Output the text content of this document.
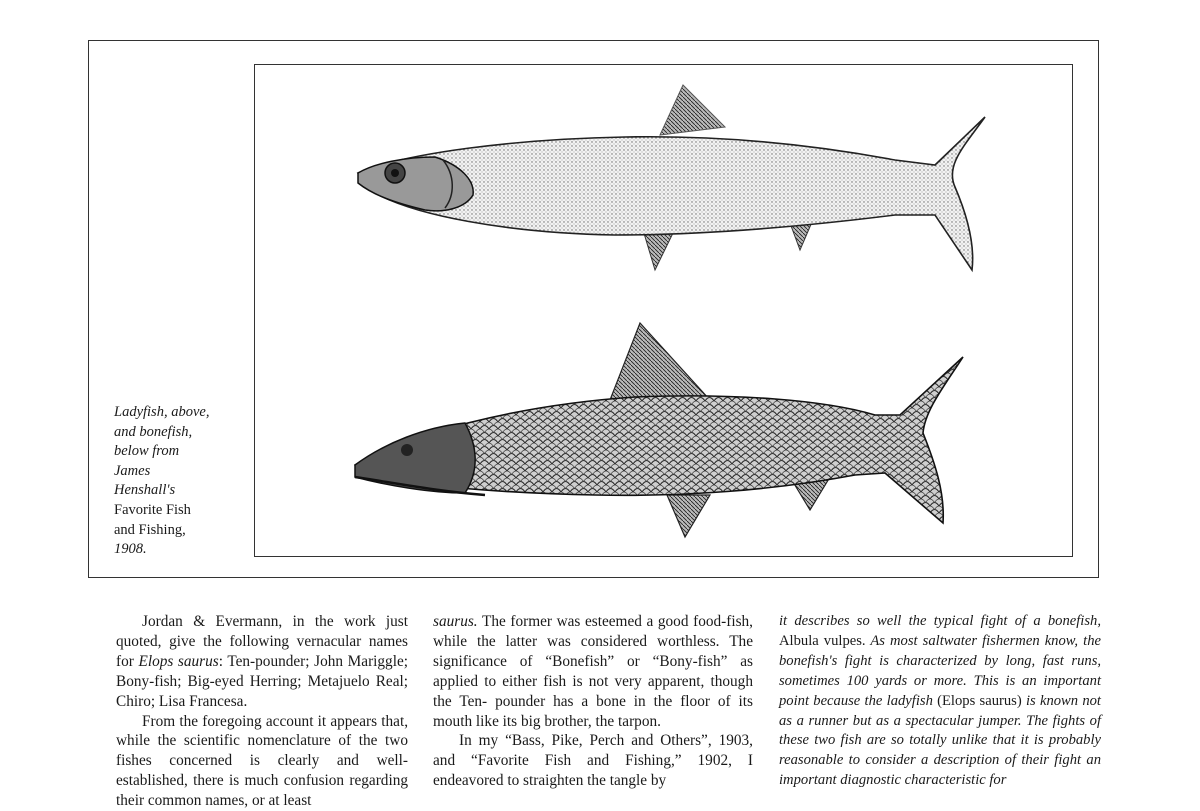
Ladyfish, above,
and bonefish,
below from
James
Henshall's
Favorite Fish
and Fishing,
1908.

Jordan & Evermann, in the work just quoted, give the following vernacular names for Elops saurus: Ten-pounder; John Mariggle; Bony-fish; Big-eyed Herring; Metajuelo Real; Chiro; Lisa Francesa.

From the foregoing account it appears that, while the scientific nomenclature of the two fishes concerned is clearly and well-established, there is much confusion regarding their common names, or at least

saurus. The former was esteemed a good food-fish, while the latter was considered worthless. The significance of “Bonefish” or “Bony-fish” as applied to either fish is not very apparent, though the Ten- pounder has a bone in the floor of its mouth like its big brother, the tarpon.

In my “Bass, Pike, Perch and Others”, 1903, and “Favorite Fish and Fishing,” 1902, I endeavored to straighten the tangle by

it describes so well the typical fight of a bonefish, Albula vulpes. As most saltwater fishermen know, the bonefish's fight is characterized by long, fast runs, sometimes 100 yards or more. This is an important point because the ladyfish (Elops saurus) is known not as a runner but as a spectacular jumper. The fights of these two fish are so totally unlike that it is probably reasonable to consider a description of their fight an important diagnostic characteristic for
